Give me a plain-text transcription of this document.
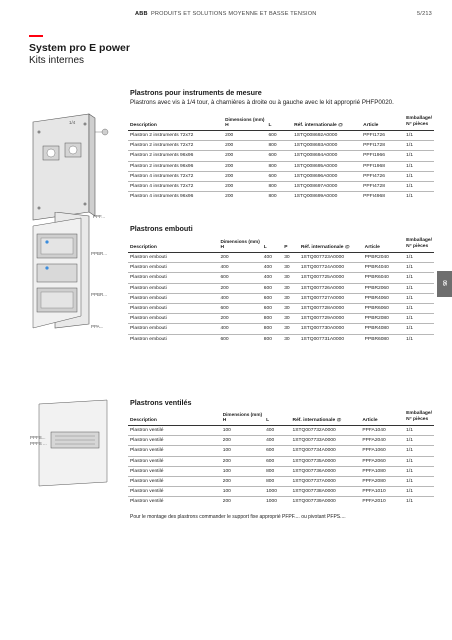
ABB PRODUITS ET SOLUTIONS MOYENNE ET BASSE TENSION	5/213
System pro E power
Kits internes
05
1/4
PPF...
PPBR...
PPBR...
PPA...
PPFS...
PPFS ...
Plastrons pour instruments de mesure
Plastrons avec vis à 1/4 tour, à charnières à droite ou à gauche avec le kit approprié PHFP0020.
Description	Dimensions (mm)
H	L	Réf. internationale @	Article	Emballage/ N° pièces
Plastron 2 instruments 72x72	200	600	1STQ008692A0000	PPFI1726	1/1
Plastron 2 instruments 72x72	200	800	1STQ008693A0000	PPFI1728	1/1
Plastron 2 instruments 96x96	200	600	1STQ008694A0000	PPFI1966	1/1
Plastron 2 instruments 96x96	200	800	1STQ008695A0000	PPFI1968	1/1
Plastron 4 instruments 72x72	200	600	1STQ008696A0000	PPFI4726	1/1
Plastron 4 instruments 72x72	200	800	1STQ008697A0000	PPFI4728	1/1
Plastron 4 instruments 96x96	200	800	1STQ008699A0000	PPFI4968	1/1
Plastrons embouti
Description	Dimensions (mm)
H	L	P	Réf. internationale @	Article	Emballage/ N° pièces
Plastron embouti	200	400	30	1STQ007723A0000	PPBR2040	1/1
Plastron embouti	400	400	30	1STQ007724A0000	PPBR4040	1/1
Plastron embouti	600	400	30	1STQ007725A0000	PPBR6040	1/1
Plastron embouti	200	600	30	1STQ007726A0000	PPBR2060	1/1
Plastron embouti	400	600	30	1STQ007727A0000	PPBR4060	1/1
Plastron embouti	600	600	30	1STQ007728A0000	PPBR6060	1/1
Plastron embouti	200	800	30	1STQ007729A0000	PPBR2080	1/1
Plastron embouti	400	800	30	1STQ007730A0000	PPBR4080	1/1
Plastron embouti	600	800	30	1STQ007731A0000	PPBR6080	1/1
Plastrons ventilés
Description	Dimensions (mm)
H	L	Réf. internationale @	Article	Emballage/ N° pièces
Plastron ventilé	100	400	1STQ007732A0000	PPFA1040	1/1
Plastron ventilé	200	400	1STQ007733A0000	PPFA2040	1/1
Plastron ventilé	100	600	1STQ007734A0000	PPFA1060	1/1
Plastron ventilé	200	600	1STQ007735A0000	PPFA2060	1/1
Plastron ventilé	100	800	1STQ007736A0000	PPFA1080	1/1
Plastron ventilé	200	800	1STQ007737A0000	PPFA2080	1/1
Plastron ventilé	100	1000	1STQ007738A0000	PPFA1010	1/1
Plastron ventilé	200	1000	1STQ007739A0000	PPFA2010	1/1
Pour le montage des plastrons commander le support fixe approprié PFPF.... ou pivotant PFPS....
